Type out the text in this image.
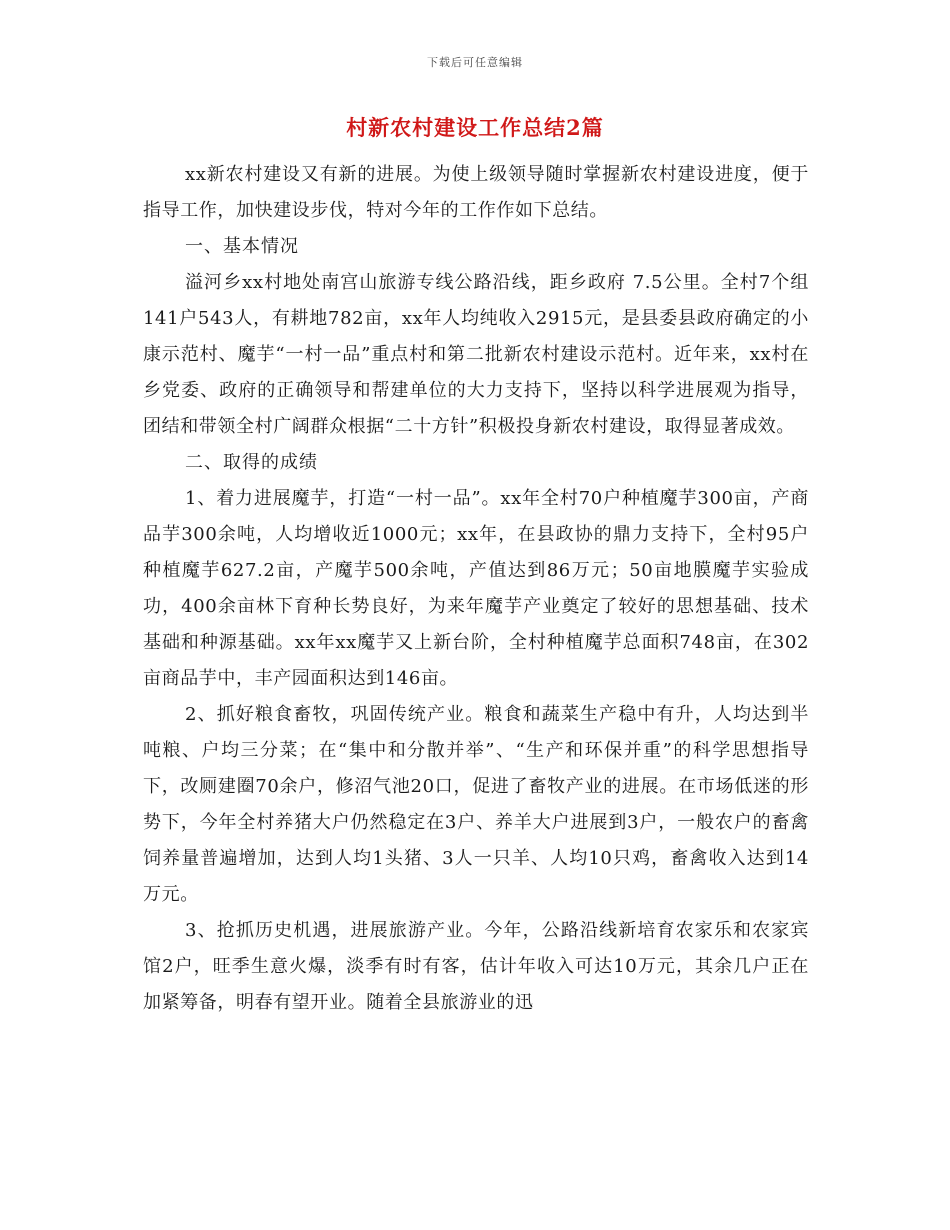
下载后可任意编辑
村新农村建设工作总结2篇

xx新农村建设又有新的进展。为使上级领导随时掌握新农村建设进度，便于指导工作，加快建设步伐，特对今年的工作作如下总结。

一、基本情况

溢河乡xx村地处南宫山旅游专线公路沿线，距乡政府 7.5公里。全村7个组141户543人，有耕地782亩，xx年人均纯收入2915元，是县委县政府确定的小康示范村、魔芋“一村一品”重点村和第二批新农村建设示范村。近年来，xx村在乡党委、政府的正确领导和帮建单位的大力支持下，坚持以科学进展观为指导，团结和带领全村广阔群众根据“二十方针”积极投身新农村建设，取得显著成效。

二、取得的成绩

1、着力进展魔芋，打造“一村一品”。xx年全村70户种植魔芋300亩，产商品芋300余吨，人均增收近1000元；xx年，在县政协的鼎力支持下，全村95户种植魔芋627.2亩，产魔芋500余吨，产值达到86万元；50亩地膜魔芋实验成功，400余亩林下育种长势良好，为来年魔芋产业奠定了较好的思想基础、技术基础和种源基础。xx年xx魔芋又上新台阶，全村种植魔芋总面积748亩，在302亩商品芋中，丰产园面积达到146亩。

2、抓好粮食畜牧，巩固传统产业。粮食和蔬菜生产稳中有升，人均达到半吨粮、户均三分菜；在“集中和分散并举”、“生产和环保并重”的科学思想指导下，改厕建圈70余户，修沼气池20口，促进了畜牧产业的进展。在市场低迷的形势下，今年全村养猪大户仍然稳定在3户、养羊大户进展到3户，一般农户的畜禽饲养量普遍增加，达到人均1头猪、3人一只羊、人均10只鸡，畜禽收入达到14万元。

3、抢抓历史机遇，进展旅游产业。今年，公路沿线新培育农家乐和农家宾馆2户，旺季生意火爆，淡季有时有客，估计年收入可达10万元，其余几户正在加紧筹备，明春有望开业。随着全县旅游业的迅
